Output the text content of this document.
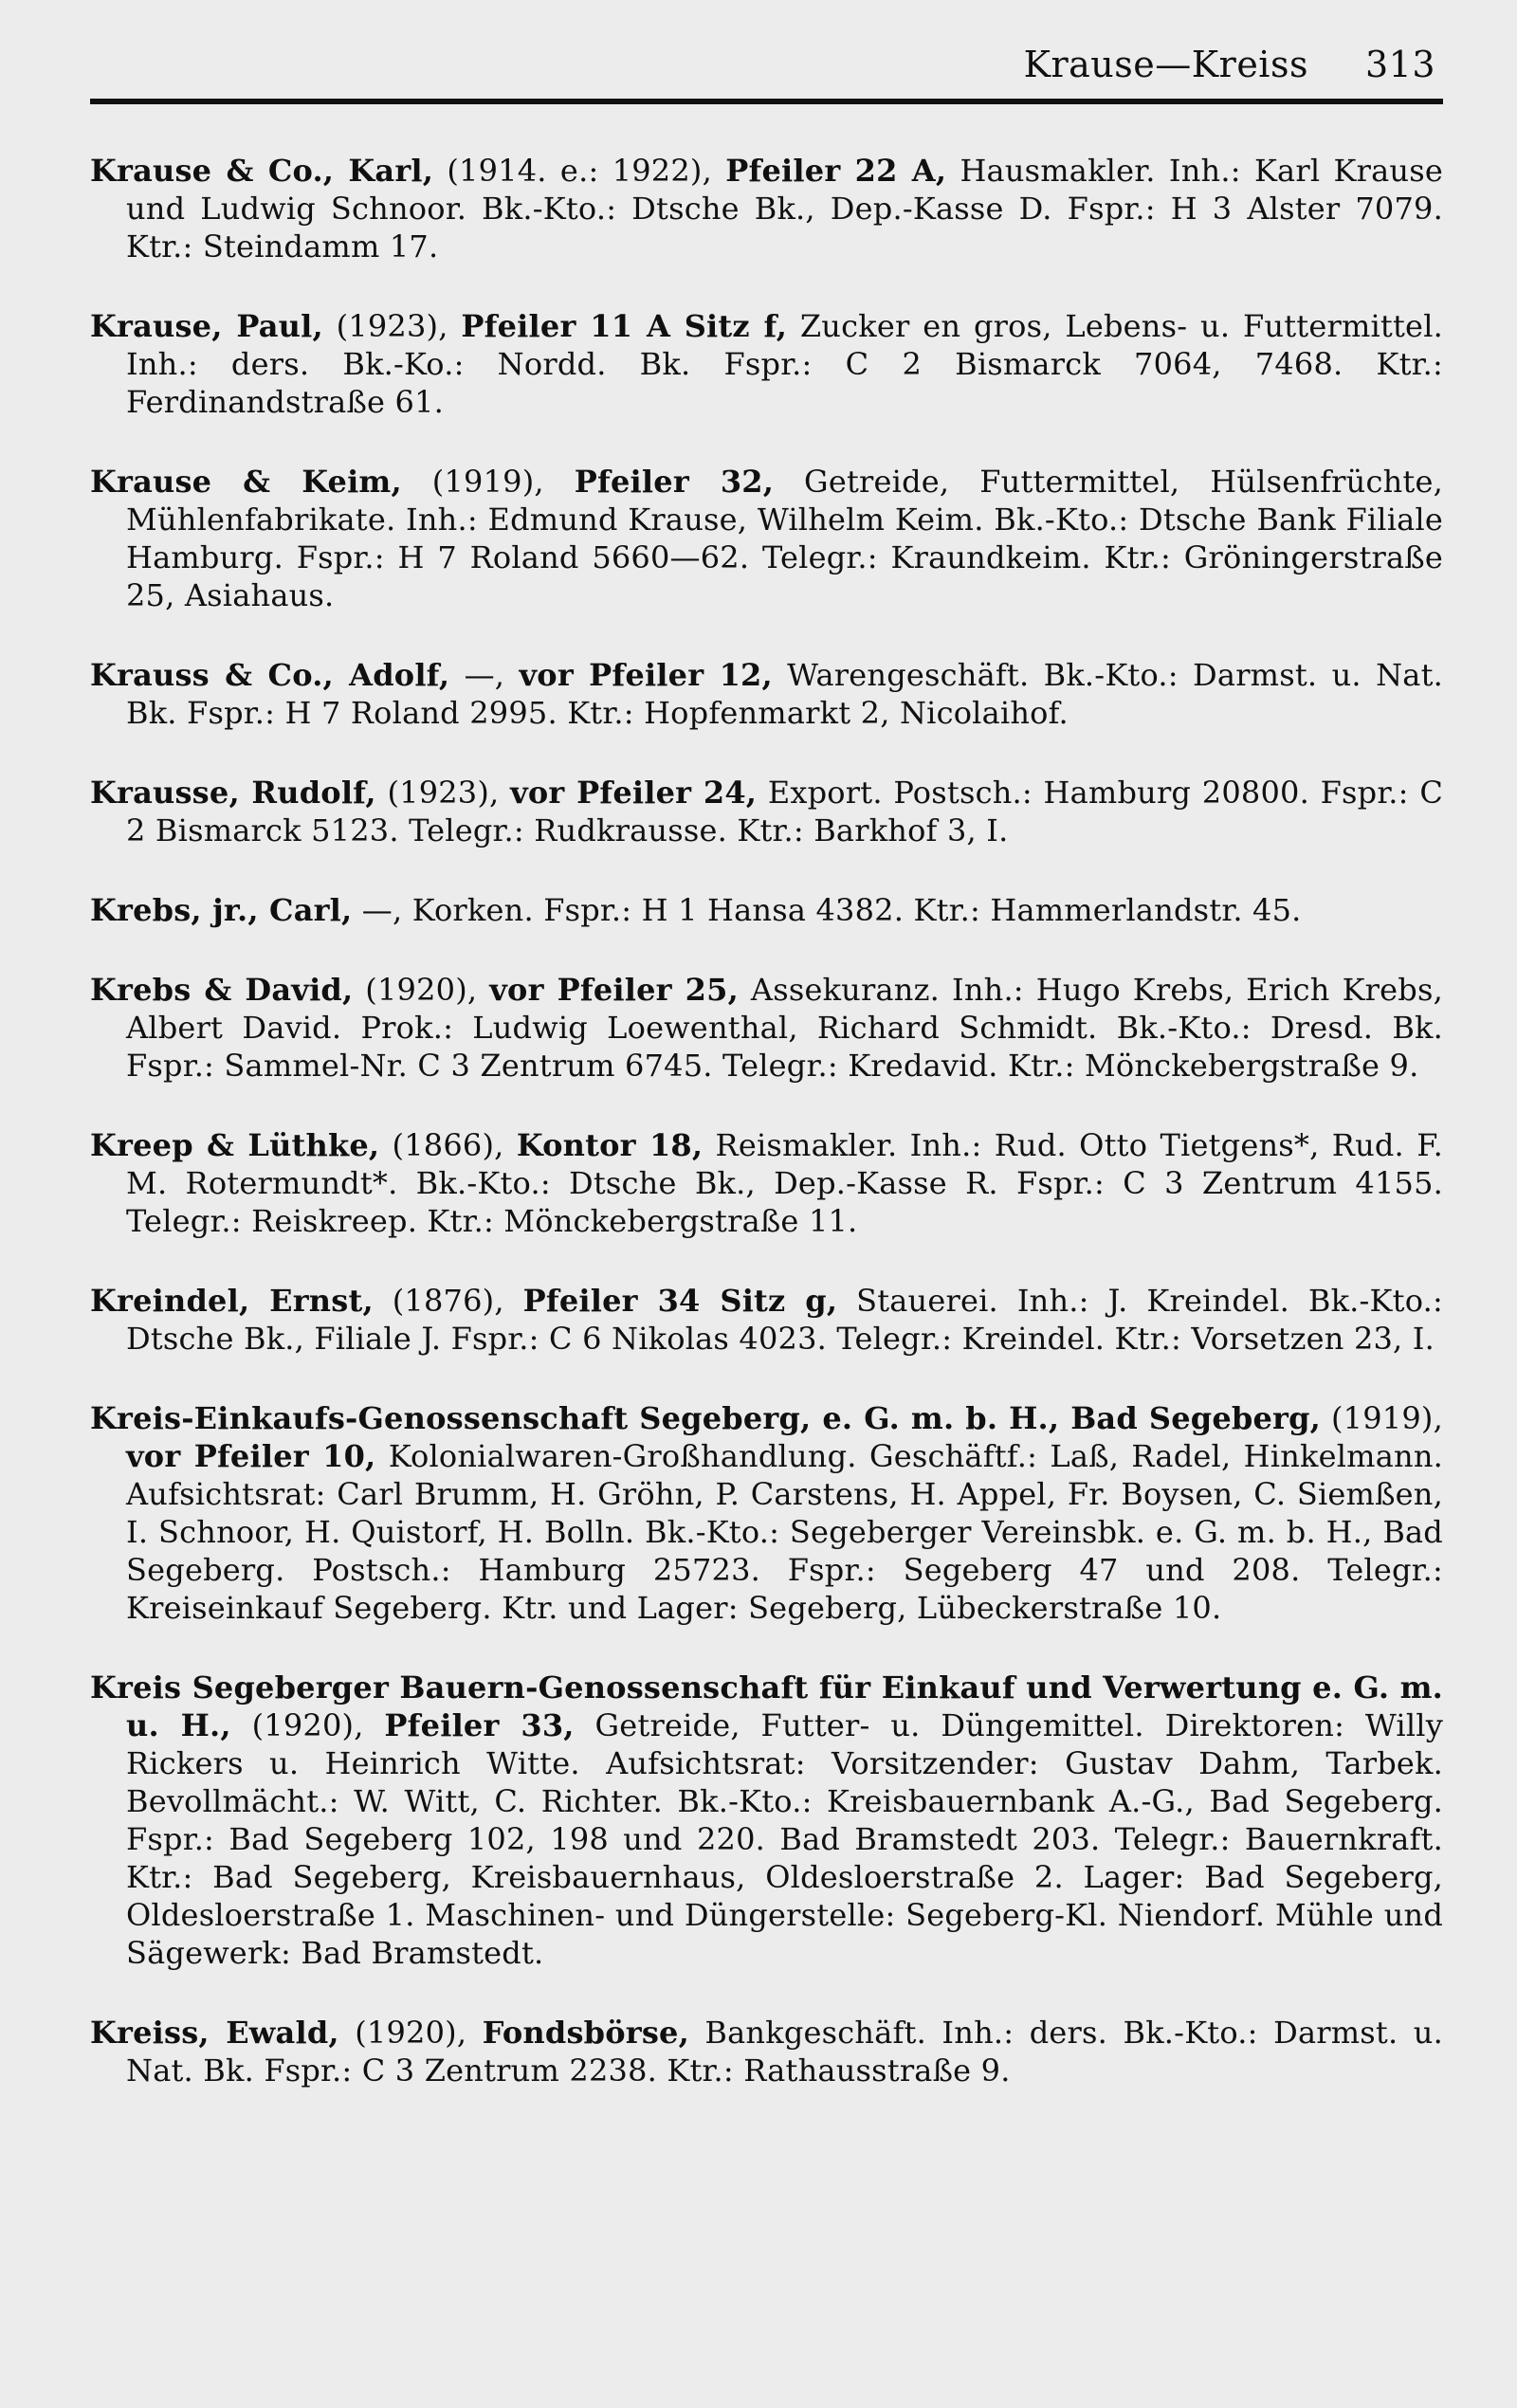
Krause—Kreiss 313

Krause & Co., Karl, (1914. e.: 1922), Pfeiler 22 A, Hausmakler. Inh.: Karl Krause und Ludwig Schnoor. Bk.-Kto.: Dtsche Bk., Dep.-Kasse D. Fspr.: H 3 Alster 7079. Ktr.: Steindamm 17.

Krause, Paul, (1923), Pfeiler 11 A Sitz f, Zucker en gros, Lebens- u. Futtermittel. Inh.: ders. Bk.-Ko.: Nordd. Bk. Fspr.: C 2 Bismarck 7064, 7468. Ktr.: Ferdinandstraße 61.

Krause & Keim, (1919), Pfeiler 32, Getreide, Futtermittel, Hülsenfrüchte, Mühlenfabrikate. Inh.: Edmund Krause, Wilhelm Keim. Bk.-Kto.: Dtsche Bank Filiale Hamburg. Fspr.: H 7 Roland 5660—62. Telegr.: Kraundkeim. Ktr.: Gröningerstraße 25, Asiahaus.

Krauss & Co., Adolf, —, vor Pfeiler 12, Warengeschäft. Bk.-Kto.: Darmst. u. Nat. Bk. Fspr.: H 7 Roland 2995. Ktr.: Hopfenmarkt 2, Nicolaihof.

Krausse, Rudolf, (1923), vor Pfeiler 24, Export. Postsch.: Hamburg 20800. Fspr.: C 2 Bismarck 5123. Telegr.: Rudkrausse. Ktr.: Barkhof 3, I.

Krebs, jr., Carl, —, Korken. Fspr.: H 1 Hansa 4382. Ktr.: Hammerlandstr. 45.

Krebs & David, (1920), vor Pfeiler 25, Assekuranz. Inh.: Hugo Krebs, Erich Krebs, Albert David. Prok.: Ludwig Loewenthal, Richard Schmidt. Bk.-Kto.: Dresd. Bk. Fspr.: Sammel-Nr. C 3 Zentrum 6745. Telegr.: Kredavid. Ktr.: Mönckebergstraße 9.

Kreep & Lüthke, (1866), Kontor 18, Reismakler. Inh.: Rud. Otto Tietgens*, Rud. F. M. Rotermundt*. Bk.-Kto.: Dtsche Bk., Dep.-Kasse R. Fspr.: C 3 Zentrum 4155. Telegr.: Reiskreep. Ktr.: Mönckebergstraße 11.

Kreindel, Ernst, (1876), Pfeiler 34 Sitz g, Stauerei. Inh.: J. Kreindel. Bk.-Kto.: Dtsche Bk., Filiale J. Fspr.: C 6 Nikolas 4023. Telegr.: Kreindel. Ktr.: Vorsetzen 23, I.

Kreis-Einkaufs-Genossenschaft Segeberg, e. G. m. b. H., Bad Segeberg, (1919), vor Pfeiler 10, Kolonialwaren-Großhandlung. Geschäftf.: Laß, Radel, Hinkelmann. Aufsichtsrat: Carl Brumm, H. Gröhn, P. Carstens, H. Appel, Fr. Boysen, C. Siemßen, I. Schnoor, H. Quistorf, H. Bolln. Bk.-Kto.: Segeberger Vereinsbk. e. G. m. b. H., Bad Segeberg. Postsch.: Hamburg 25723. Fspr.: Segeberg 47 und 208. Telegr.: Kreiseinkauf Segeberg. Ktr. und Lager: Segeberg, Lübeckerstraße 10.

Kreis Segeberger Bauern-Genossenschaft für Einkauf und Verwertung e. G. m. u. H., (1920), Pfeiler 33, Getreide, Futter- u. Düngemittel. Direktoren: Willy Rickers u. Heinrich Witte. Aufsichtsrat: Vorsitzender: Gustav Dahm, Tarbek. Bevollmächt.: W. Witt, C. Richter. Bk.-Kto.: Kreisbauernbank A.-G., Bad Segeberg. Fspr.: Bad Segeberg 102, 198 und 220. Bad Bramstedt 203. Telegr.: Bauernkraft. Ktr.: Bad Segeberg, Kreisbauernhaus, Oldesloerstraße 2. Lager: Bad Segeberg, Oldesloerstraße 1. Maschinen- und Düngerstelle: Segeberg-Kl. Niendorf. Mühle und Sägewerk: Bad Bramstedt.

Kreiss, Ewald, (1920), Fondsbörse, Bankgeschäft. Inh.: ders. Bk.-Kto.: Darmst. u. Nat. Bk. Fspr.: C 3 Zentrum 2238. Ktr.: Rathausstraße 9.
